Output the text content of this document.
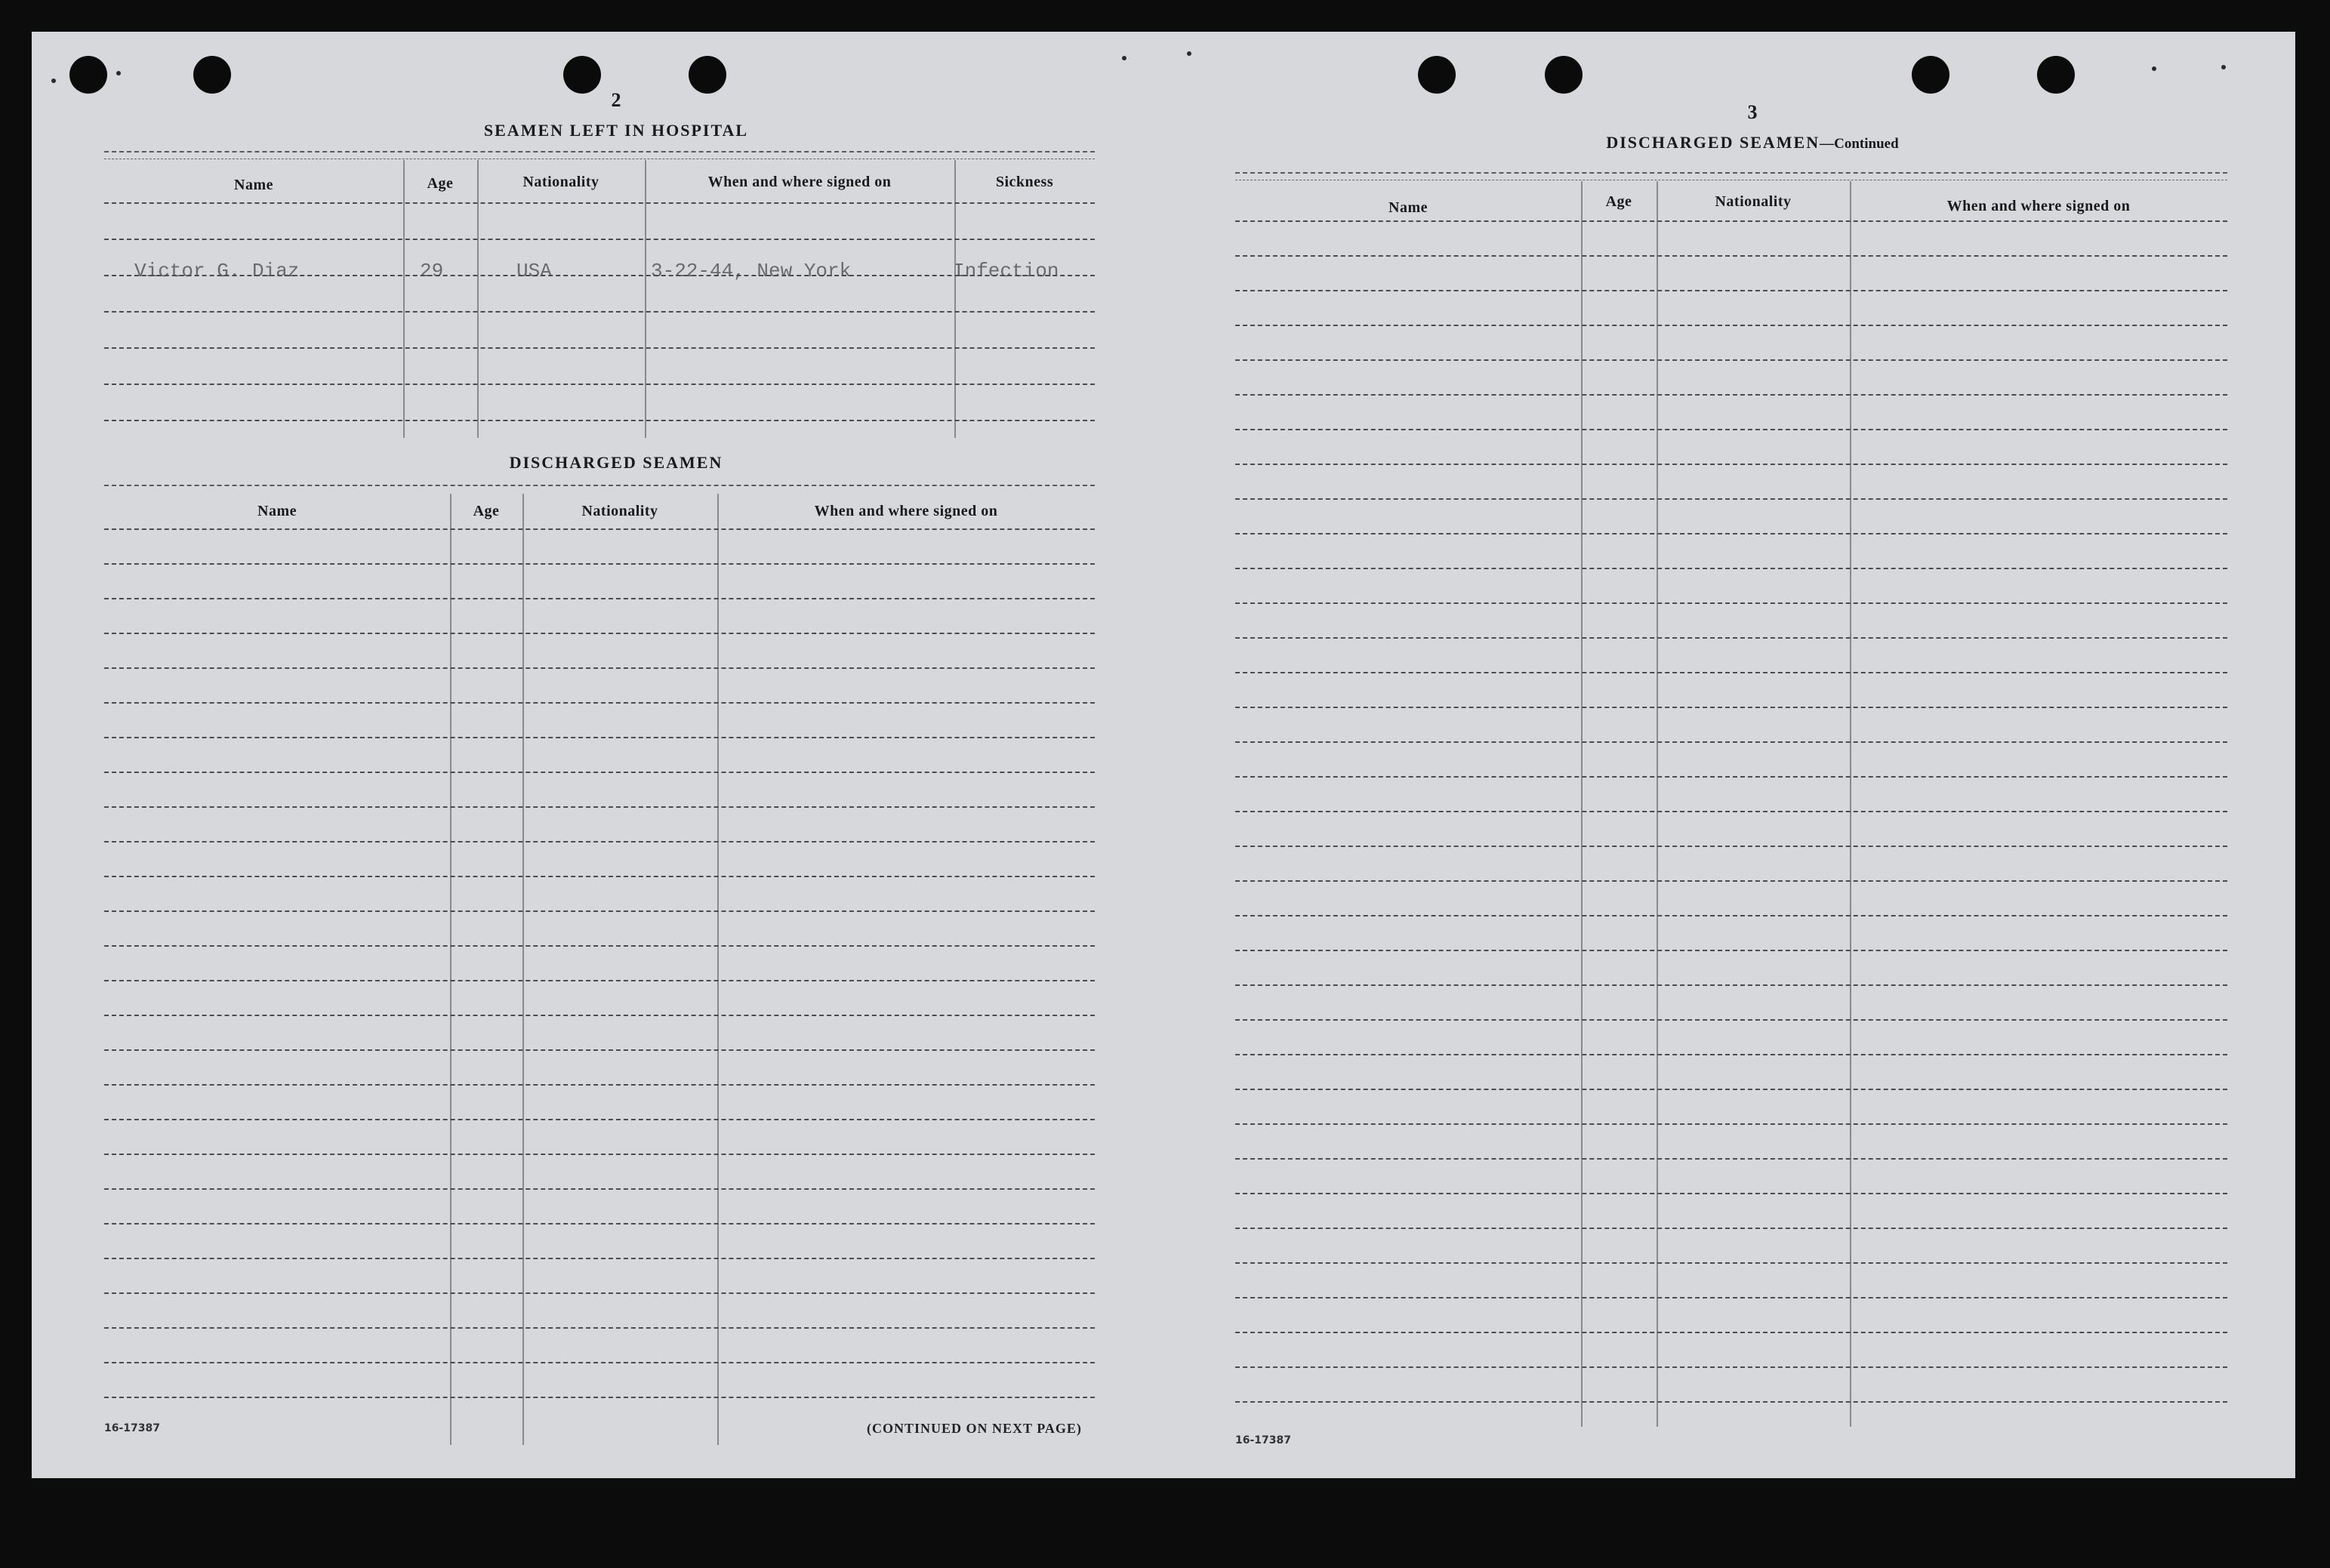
2
SEAMEN LEFT IN HOSPITAL
Name	Age	Nationality	When and where signed on	Sickness
Victor G. Diaz	29	USA	3-22-44, New York	Infection
DISCHARGED SEAMEN
Name	Age	Nationality	When and where signed on
16-17387	(CONTINUED ON NEXT PAGE)
3
DISCHARGED SEAMEN—Continued
Name	Age	Nationality	When and where signed on
16-17387
